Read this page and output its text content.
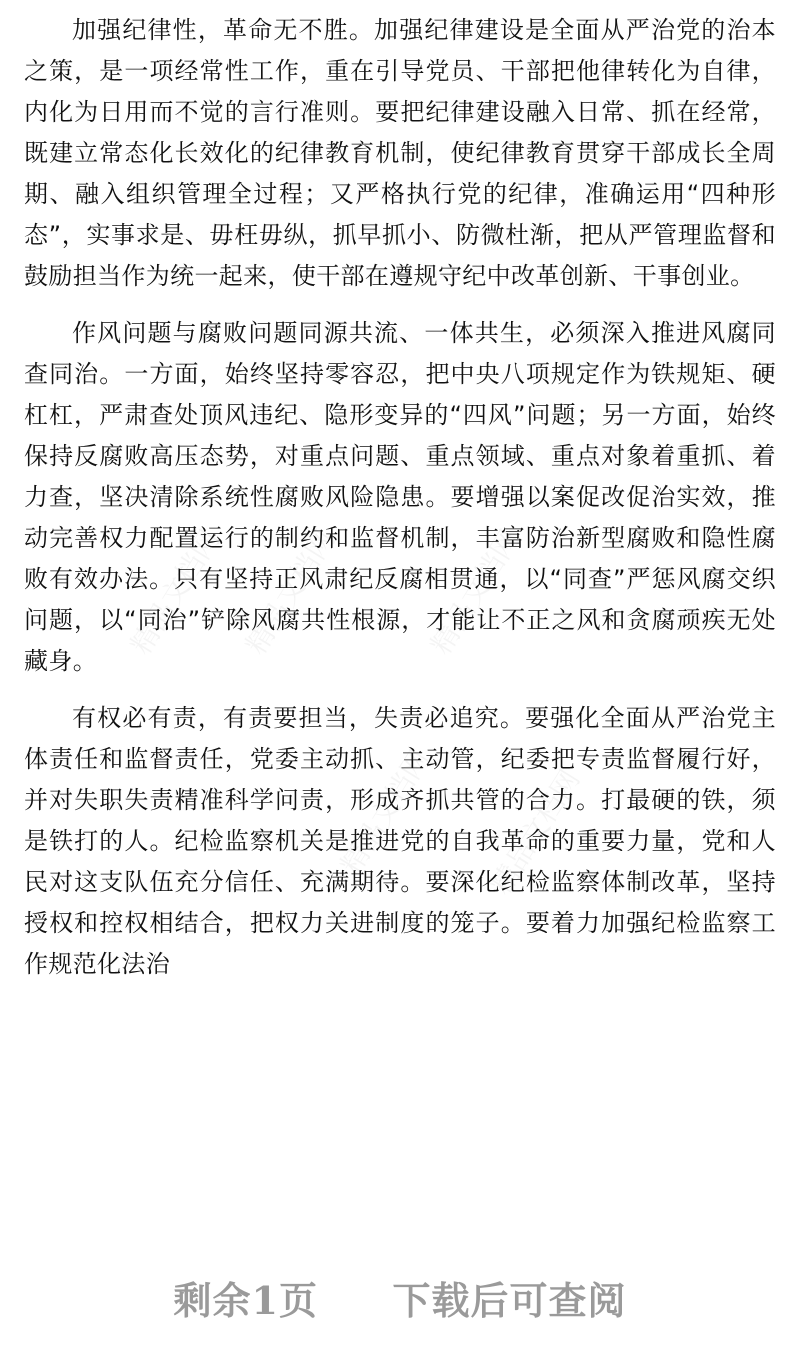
加强纪律性，革命无不胜。加强纪律建设是全面从严治党的治本之策，是一项经常性工作，重在引导党员、干部把他律转化为自律，内化为日用而不觉的言行准则。要把纪律建设融入日常、抓在经常，既建立常态化长效化的纪律教育机制，使纪律教育贯穿干部成长全周期、融入组织管理全过程；又严格执行党的纪律，准确运用“四种形态”，实事求是、毋枉毋纵，抓早抓小、防微杜渐，把从严管理监督和鼓励担当作为统一起来，使干部在遵规守纪中改革创新、干事创业。

作风问题与腐败问题同源共流、一体共生，必须深入推进风腐同查同治。一方面，始终坚持零容忍，把中央八项规定作为铁规矩、硬杠杠，严肃查处顶风违纪、隐形变异的“四风”问题；另一方面，始终保持反腐败高压态势，对重点问题、重点领域、重点对象着重抓、着力查，坚决清除系统性腐败风险隐患。要增强以案促改促治实效，推动完善权力配置运行的制约和监督机制，丰富防治新型腐败和隐性腐败有效办法。只有坚持正风肃纪反腐相贯通，以“同查”严惩风腐交织问题，以“同治”铲除风腐共性根源，才能让不正之风和贪腐顽疾无处藏身。

有权必有责，有责要担当，失责必追究。要强化全面从严治党主体责任和监督责任，党委主动抓、主动管，纪委把专责监督履行好，并对失职失责精准科学问责，形成齐抓共管的合力。打最硬的铁，须是铁打的人。纪检监察机关是推进党的自我革命的重要力量，党和人民对这支队伍充分信任、充满期待。要深化纪检监察体制改革，坚持授权和控权相结合，把权力关进制度的笼子。要着力加强纪检监察工作规范化法治

剩余1页 下载后可查阅
